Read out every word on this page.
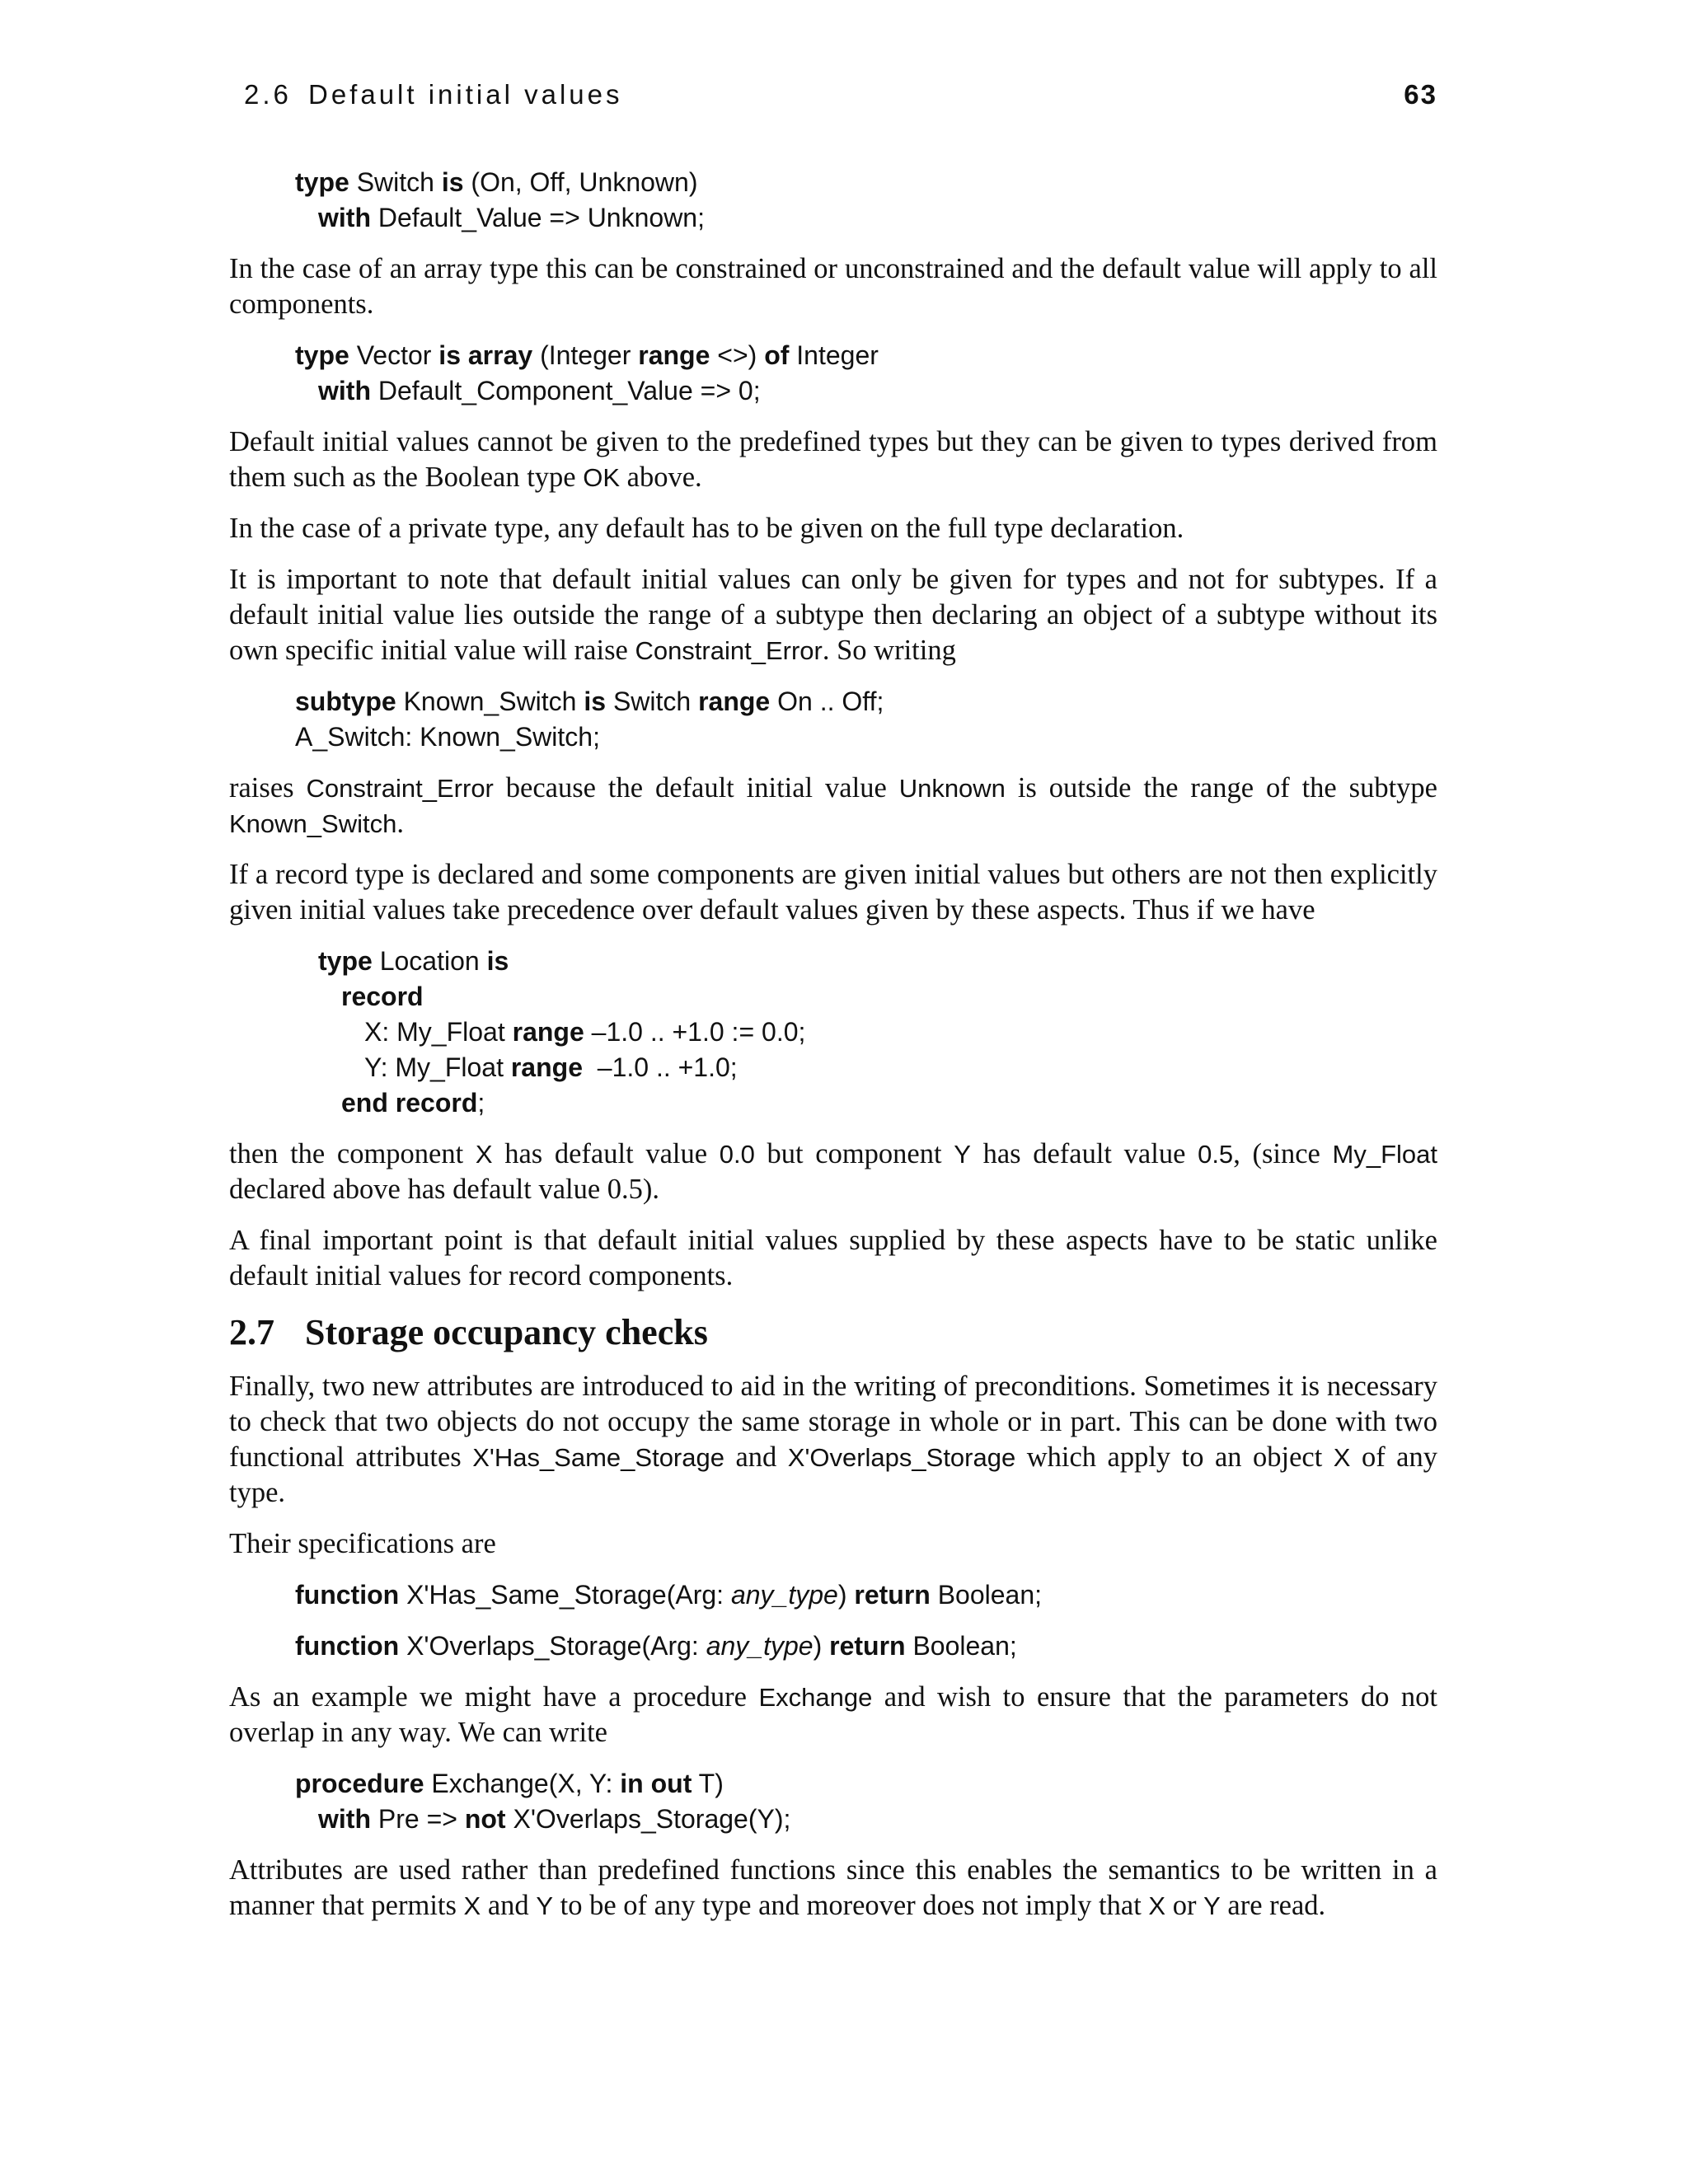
2.6 Default initial values	63
type Switch is (On, Off, Unknown)
with Default_Value => Unknown;

In the case of an array type this can be constrained or unconstrained and the default value will apply to all components.

type Vector is array (Integer range <>) of Integer
with Default_Component_Value => 0;

Default initial values cannot be given to the predefined types but they can be given to types derived from them such as the Boolean type OK above.

In the case of a private type, any default has to be given on the full type declaration.

It is important to note that default initial values can only be given for types and not for subtypes. If a default initial value lies outside the range of a subtype then declaring an object of a subtype without its own specific initial value will raise Constraint_Error. So writing

subtype Known_Switch is Switch range On .. Off;
A_Switch: Known_Switch;

raises Constraint_Error because the default initial value Unknown is outside the range of the subtype Known_Switch.

If a record type is declared and some components are given initial values but others are not then explicitly given initial values take precedence over default values given by these aspects. Thus if we have

type Location is
record
X: My_Float range –1.0 .. +1.0 := 0.0;
Y: My_Float range  –1.0 .. +1.0;
end record;

then the component X has default value 0.0 but component Y has default value 0.5, (since My_Float declared above has default value 0.5).

A final important point is that default initial values supplied by these aspects have to be static unlike default initial values for record components.

2.7 Storage occupancy checks

Finally, two new attributes are introduced to aid in the writing of preconditions. Sometimes it is necessary to check that two objects do not occupy the same storage in whole or in part. This can be done with two functional attributes X'Has_Same_Storage and X'Overlaps_Storage which apply to an object X of any type.

Their specifications are

function X'Has_Same_Storage(Arg: any_type) return Boolean;
function X'Overlaps_Storage(Arg: any_type) return Boolean;

As an example we might have a procedure Exchange and wish to ensure that the parameters do not overlap in any way. We can write

procedure Exchange(X, Y: in out T)
with Pre => not X'Overlaps_Storage(Y);

Attributes are used rather than predefined functions since this enables the semantics to be written in a manner that permits X and Y to be of any type and moreover does not imply that X or Y are read.
